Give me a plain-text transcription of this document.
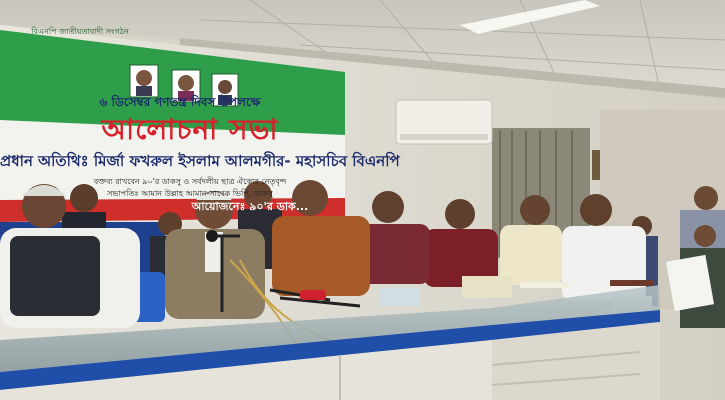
বিএনপি জাতীয়তাবাদী সংগঠন
৬ ডিসেম্বর গণতন্ত্র দিবস উপলক্ষে
আলোচনা সভা
প্রধান অতিথিঃ মির্জা ফখরুল ইসলাম আলমগীর- মহাসচিব বিএনপি
বক্তব্য রাখবেন ৯০'র ডাকসু ও সর্বদলীয় ছাত্র ঐক্যের নেতৃবৃন্দ
সভাপতিঃ আমান উল্লাহ আমান-সাবেক ভিপি, ডাকসু
আয়োজনেঃ ৯০'র ডাক...
